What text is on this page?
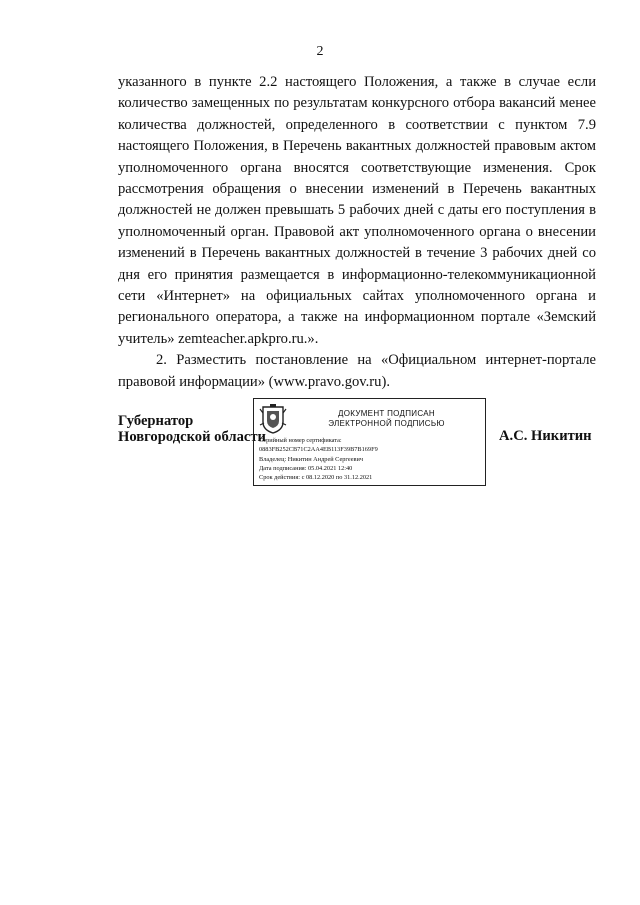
2

указанного в пункте 2.2 настоящего Положения, а также в случае если количество замещенных по результатам конкурсного отбора вакансий менее количества должностей, определенного в соответствии с пунктом 7.9 настоящего Положения, в Перечень вакантных должностей правовым актом уполномоченного органа вносятся соответствующие изменения. Срок рассмотрения обращения о внесении изменений в Перечень вакантных должностей не должен превышать 5 рабочих дней с даты его поступления в уполномоченный орган. Правовой акт уполномоченного органа о внесении изменений в Перечень вакантных должностей в течение 3 рабочих дней со дня его принятия размещается в информационно-телекоммуникационной сети «Интернет» на официальных сайтах уполномоченного органа и регионального оператора, а также на информационном портале «Земский учитель» zemteacher.apkpro.ru.».

2. Разместить постановление на «Официальном интернет-портале правовой информации» (www.pravo.gov.ru).

Губернатор
Новгородской области
ДОКУМЕНТ ПОДПИСАН
ЭЛЕКТРОННОЙ ПОДПИСЬЮ
Серийный номер сертификата:
0883FB252CB71C2AA4EB113F39B7B169F9
Владелец: Никитин Андрей Сергеевич
Дата подписания: 05.04.2021 12:40
Срок действия: с 08.12.2020 по 31.12.2021
А.С. Никитин
